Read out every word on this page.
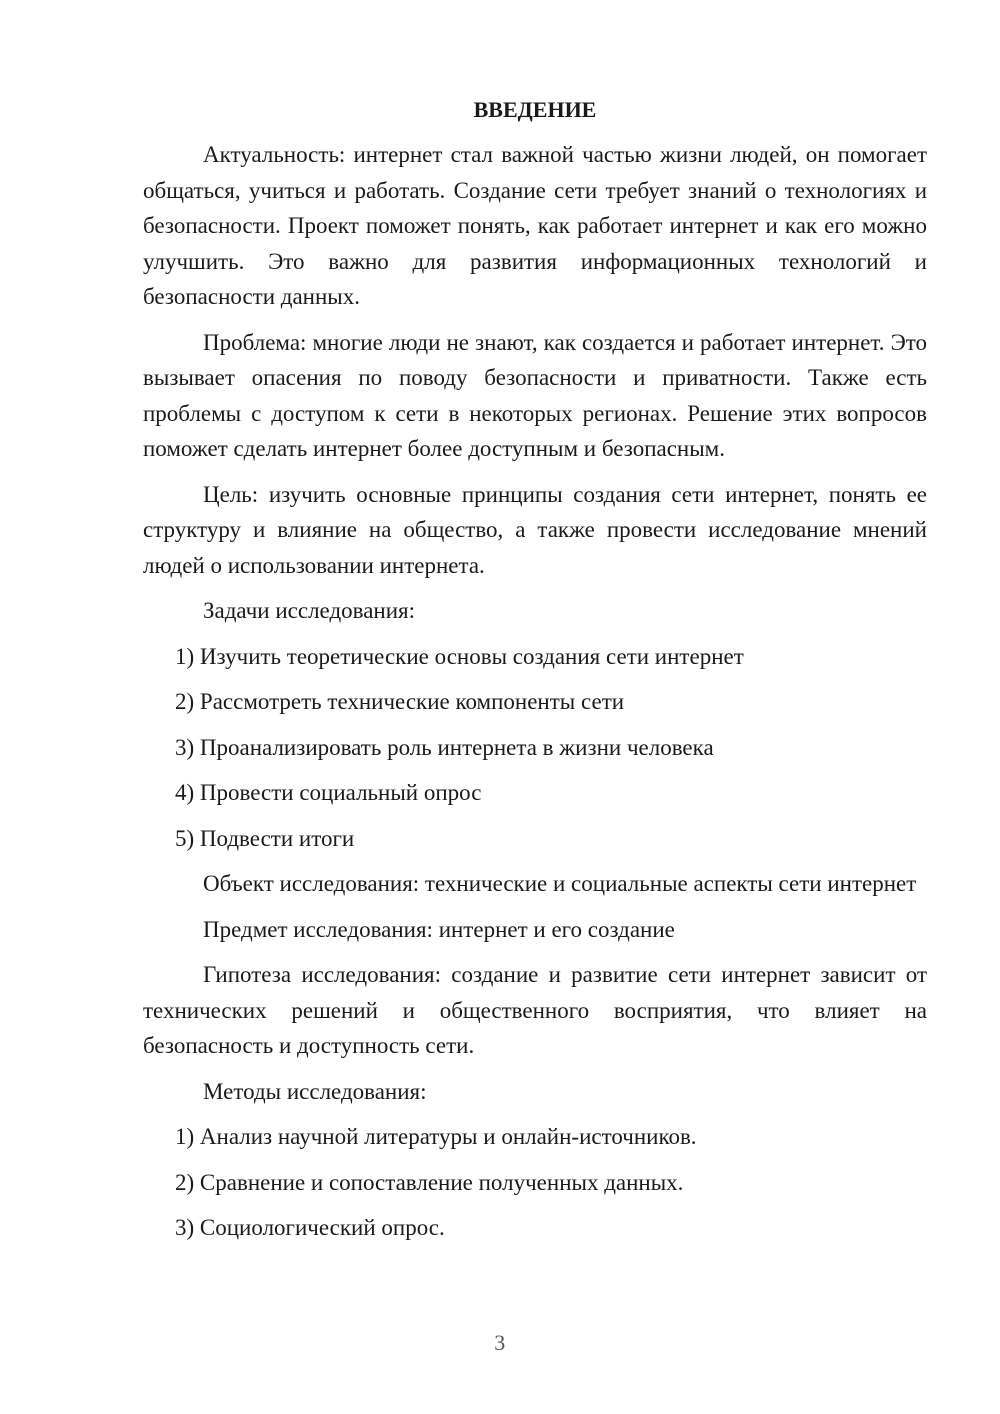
ВВЕДЕНИЕ

Актуальность: интернет стал важной частью жизни людей, он помогает общаться, учиться и работать. Создание сети требует знаний о технологиях и безопасности. Проект поможет понять, как работает интернет и как его можно улучшить. Это важно для развития информационных технологий и безопасности данных.

Проблема: многие люди не знают, как создается и работает интернет. Это вызывает опасения по поводу безопасности и приватности. Также есть проблемы с доступом к сети в некоторых регионах. Решение этих вопросов поможет сделать интернет более доступным и безопасным.

Цель: изучить основные принципы создания сети интернет, понять ее структуру и влияние на общество, а также провести исследование мнений людей о использовании интернета.

Задачи исследования:

1) Изучить теоретические основы создания сети интернет
2) Рассмотреть технические компоненты сети
3) Проанализировать роль интернета в жизни человека
4) Провести социальный опрос
5) Подвести итоги

Объект исследования: технические и социальные аспекты сети интернет

Предмет исследования: интернет и его создание

Гипотеза исследования: создание и развитие сети интернет зависит от технических решений и общественного восприятия, что влияет на безопасность и доступность сети.

Методы исследования:

1) Анализ научной литературы и онлайн-источников.
2) Сравнение и сопоставление полученных данных.
3) Социологический опрос.
3
